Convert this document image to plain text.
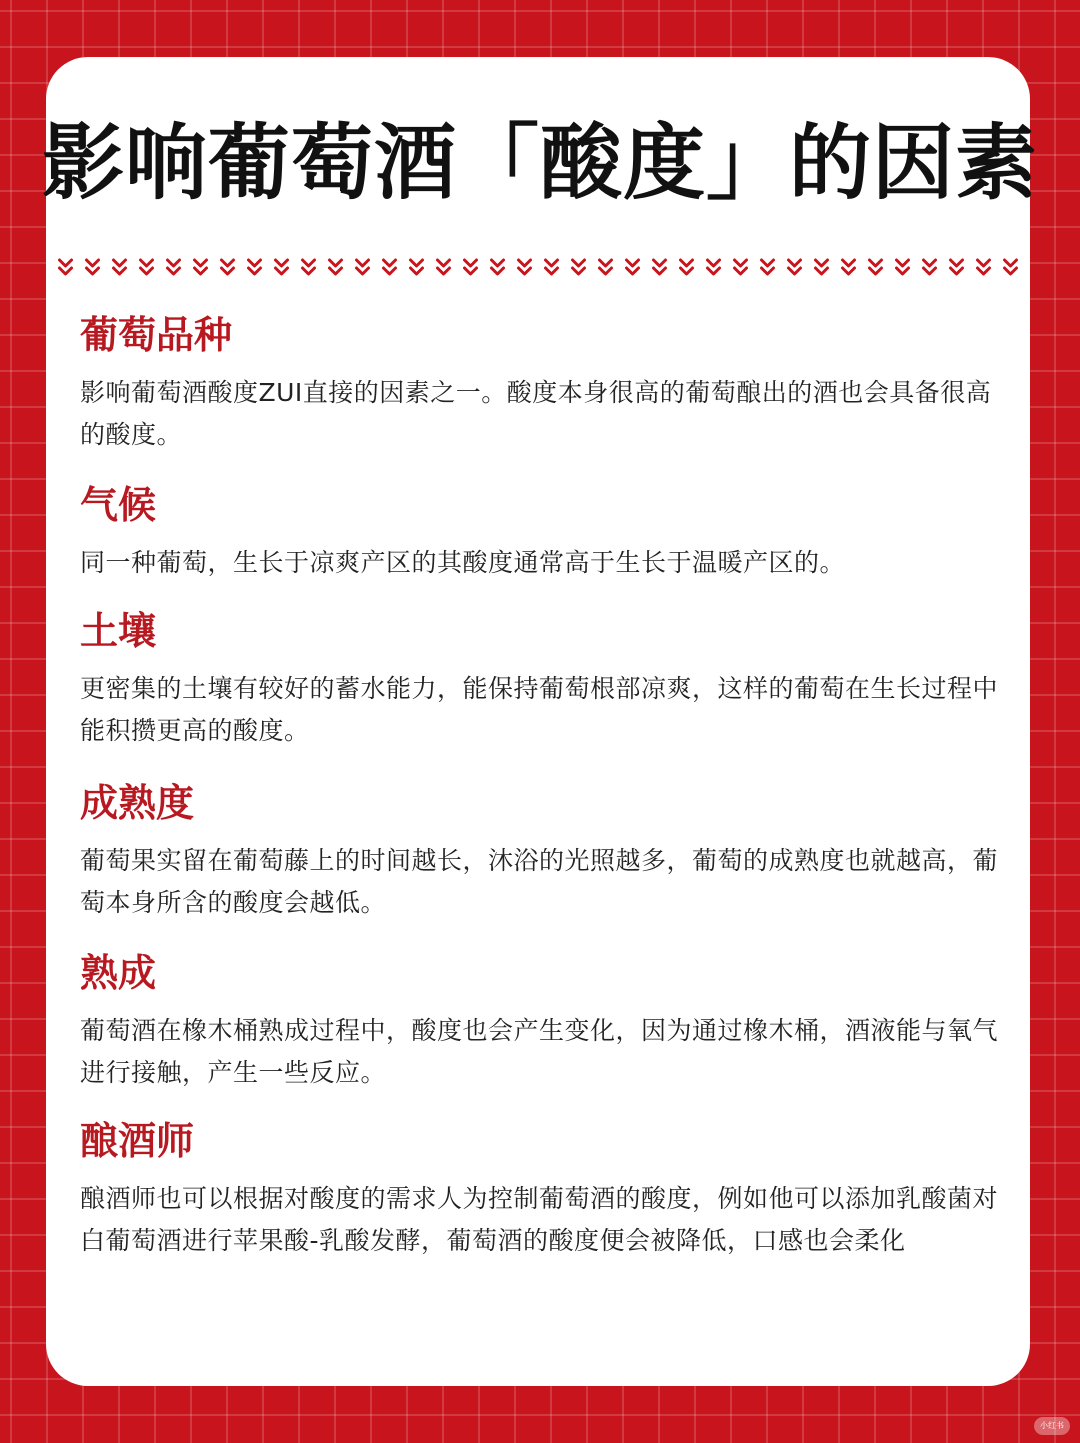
影响葡萄酒「酸度」的因素
葡萄品种
影响葡萄酒酸度ZUI直接的因素之一。酸度本身很高的葡萄酿出的酒也会具备很高的酸度。
气候
同一种葡萄，生长于凉爽产区的其酸度通常高于生长于温暖产区的。
土壤
更密集的土壤有较好的蓄水能力，能保持葡萄根部凉爽，这样的葡萄在生长过程中能积攒更高的酸度。
成熟度
葡萄果实留在葡萄藤上的时间越长，沐浴的光照越多，葡萄的成熟度也就越高，葡萄本身所含的酸度会越低。
熟成
葡萄酒在橡木桶熟成过程中，酸度也会产生变化，因为通过橡木桶，酒液能与氧气进行接触，产生一些反应。
酿酒师
酿酒师也可以根据对酸度的需求人为控制葡萄酒的酸度，例如他可以添加乳酸菌对白葡萄酒进行苹果酸-乳酸发酵，葡萄酒的酸度便会被降低，口感也会柔化
小红书
